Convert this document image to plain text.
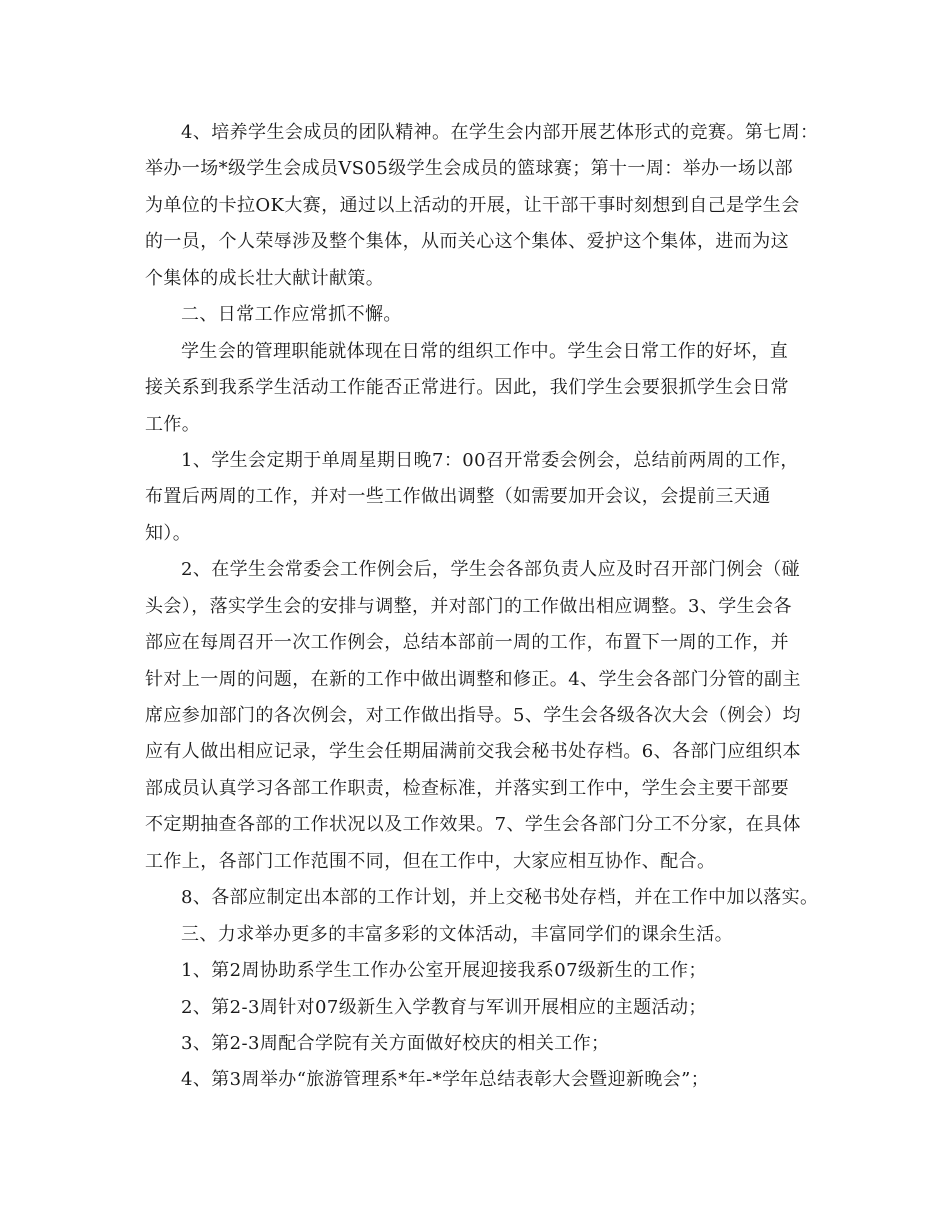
4、培养学生会成员的团队精神。在学生会内部开展艺体形式的竞赛。第七周：
举办一场*级学生会成员VS05级学生会成员的篮球赛；第十一周：举办一场以部
为单位的卡拉OK大赛，通过以上活动的开展，让干部干事时刻想到自己是学生会
的一员，个人荣辱涉及整个集体，从而关心这个集体、爱护这个集体，进而为这
个集体的成长壮大献计献策。
二、日常工作应常抓不懈。
学生会的管理职能就体现在日常的组织工作中。学生会日常工作的好坏，直
接关系到我系学生活动工作能否正常进行。因此，我们学生会要狠抓学生会日常
工作。
1、学生会定期于单周星期日晚7：00召开常委会例会，总结前两周的工作，
布置后两周的工作，并对一些工作做出调整（如需要加开会议，会提前三天通
知）。
2、在学生会常委会工作例会后，学生会各部负责人应及时召开部门例会（碰
头会），落实学生会的安排与调整，并对部门的工作做出相应调整。3、学生会各
部应在每周召开一次工作例会，总结本部前一周的工作，布置下一周的工作，并
针对上一周的问题，在新的工作中做出调整和修正。4、学生会各部门分管的副主
席应参加部门的各次例会，对工作做出指导。5、学生会各级各次大会（例会）均
应有人做出相应记录，学生会任期届满前交我会秘书处存档。6、各部门应组织本
部成员认真学习各部工作职责，检查标准，并落实到工作中，学生会主要干部要
不定期抽查各部的工作状况以及工作效果。7、学生会各部门分工不分家，在具体
工作上，各部门工作范围不同，但在工作中，大家应相互协作、配合。
8、各部应制定出本部的工作计划，并上交秘书处存档，并在工作中加以落实。
三、力求举办更多的丰富多彩的文体活动，丰富同学们的课余生活。
1、第2周协助系学生工作办公室开展迎接我系07级新生的工作；
2、第2-3周针对07级新生入学教育与军训开展相应的主题活动；
3、第2-3周配合学院有关方面做好校庆的相关工作；
4、第3周举办“旅游管理系*年-*学年总结表彰大会暨迎新晚会”；
